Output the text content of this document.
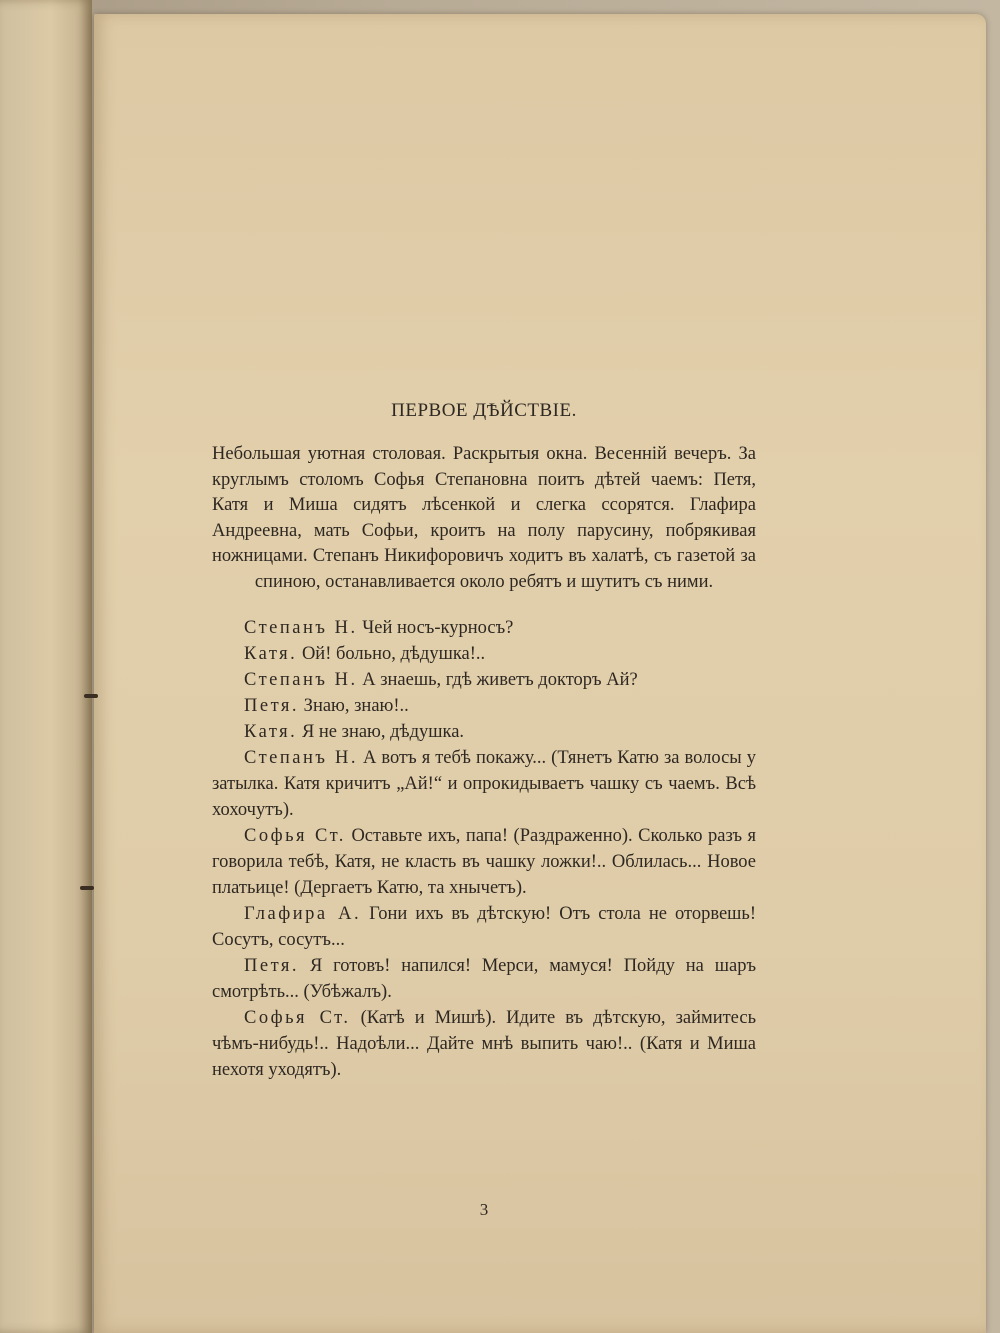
ПЕРВОЕ ДѢЙСТВІЕ.
Небольшая уютная столовая. Раскрытыя окна. Весенній вечеръ. За круглымъ столомъ Софья Степановна поитъ дѣтей чаемъ: Петя, Катя и Миша сидятъ лѣсенкой и слегка ссорятся. Глафира Андреевна, мать Софьи, кроитъ на полу парусину, побрякивая ножницами. Степанъ Никифоровичъ ходитъ въ халатѣ, съ газетой за спиною, останавливается около ребятъ и шутитъ съ ними.

Степанъ Н. Чей носъ-курносъ?

Катя. Ой! больно, дѣдушка!..

Степанъ Н. А знаешь, гдѣ живетъ докторъ Ай?

Петя. Знаю, знаю!..

Катя. Я не знаю, дѣдушка.

Степанъ Н. А вотъ я тебѣ покажу... (Тянетъ Катю за волосы у затылка. Катя кричитъ „Ай!“ и опрокидываетъ чашку съ чаемъ. Всѣ хохочутъ).

Софья Ст. Оставьте ихъ, папа! (Раздраженно). Сколько разъ я говорила тебѣ, Катя, не класть въ чашку ложки!.. Облилась... Новое платьице! (Дергаетъ Катю, та хнычетъ).

Глафира А. Гони ихъ въ дѣтскую! Отъ стола не оторвешь! Сосутъ, сосутъ...

Петя. Я готовъ! напился! Мерси, мамуся! Пойду на шаръ смотрѣть... (Убѣжалъ).

Софья Ст. (Катѣ и Мишѣ). Идите въ дѣтскую, займитесь чѣмъ-нибудь!.. Надоѣли... Дайте мнѣ выпить чаю!.. (Катя и Миша нехотя уходятъ).

3
